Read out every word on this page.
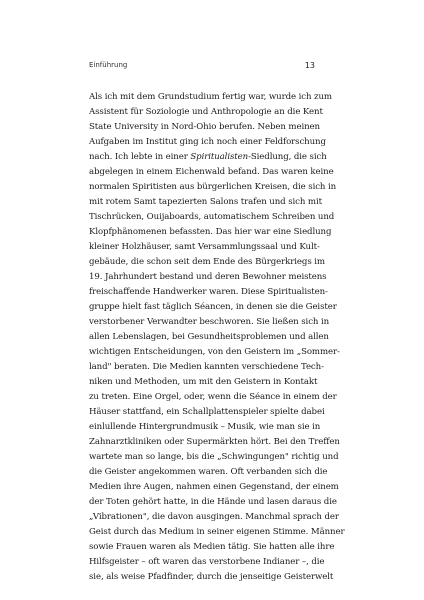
Einführung	13
Als ich mit dem Grundstudium fertig war, wurde ich zum
Assistent für Soziologie und Anthropologie an die Kent
State University in Nord-Ohio berufen. Neben meinen
Aufgaben im Institut ging ich noch einer Feldforschung
nach. Ich lebte in einer Spiritualisten-Siedlung, die sich
abgelegen in einem Eichenwald befand. Das waren keine
normalen Spiritisten aus bürgerlichen Kreisen, die sich in
mit rotem Samt tapezierten Salons trafen und sich mit
Tischrücken, Ouijaboards, automatischem Schreiben und
Klopfphänomenen befassten. Das hier war eine Siedlung
kleiner Holzhäuser, samt Versammlungssaal und Kult-
gebäude, die schon seit dem Ende des Bürgerkriegs im
19. Jahrhundert bestand und deren Bewohner meistens
freischaffende Handwerker waren. Diese Spiritualisten-
gruppe hielt fast täglich Séancen, in denen sie die Geister
verstorbener Verwandter beschworen. Sie ließen sich in
allen Lebenslagen, bei Gesundheitsproblemen und allen
wichtigen Entscheidungen, von den Geistern im „Sommer-
land" beraten. Die Medien kannten verschiedene Tech-
niken und Methoden, um mit den Geistern in Kontakt
zu treten. Eine Orgel, oder, wenn die Séance in einem der
Häuser stattfand, ein Schallplattenspieler spielte dabei
einlullende Hintergrundmusik – Musik, wie man sie in
Zahnarztkliniken oder Supermärkten hört. Bei den Treffen
wartete man so lange, bis die „Schwingungen" richtig und
die Geister angekommen waren. Oft verbanden sich die
Medien ihre Augen, nahmen einen Gegenstand, der einem
der Toten gehört hatte, in die Hände und lasen daraus die
„Vibrationen", die davon ausgingen. Manchmal sprach der
Geist durch das Medium in seiner eigenen Stimme. Männer
sowie Frauen waren als Medien tätig. Sie hatten alle ihre
Hilfsgeister – oft waren das verstorbene Indianer –, die
sie, als weise Pfadfinder, durch die jenseitige Geisterwelt
